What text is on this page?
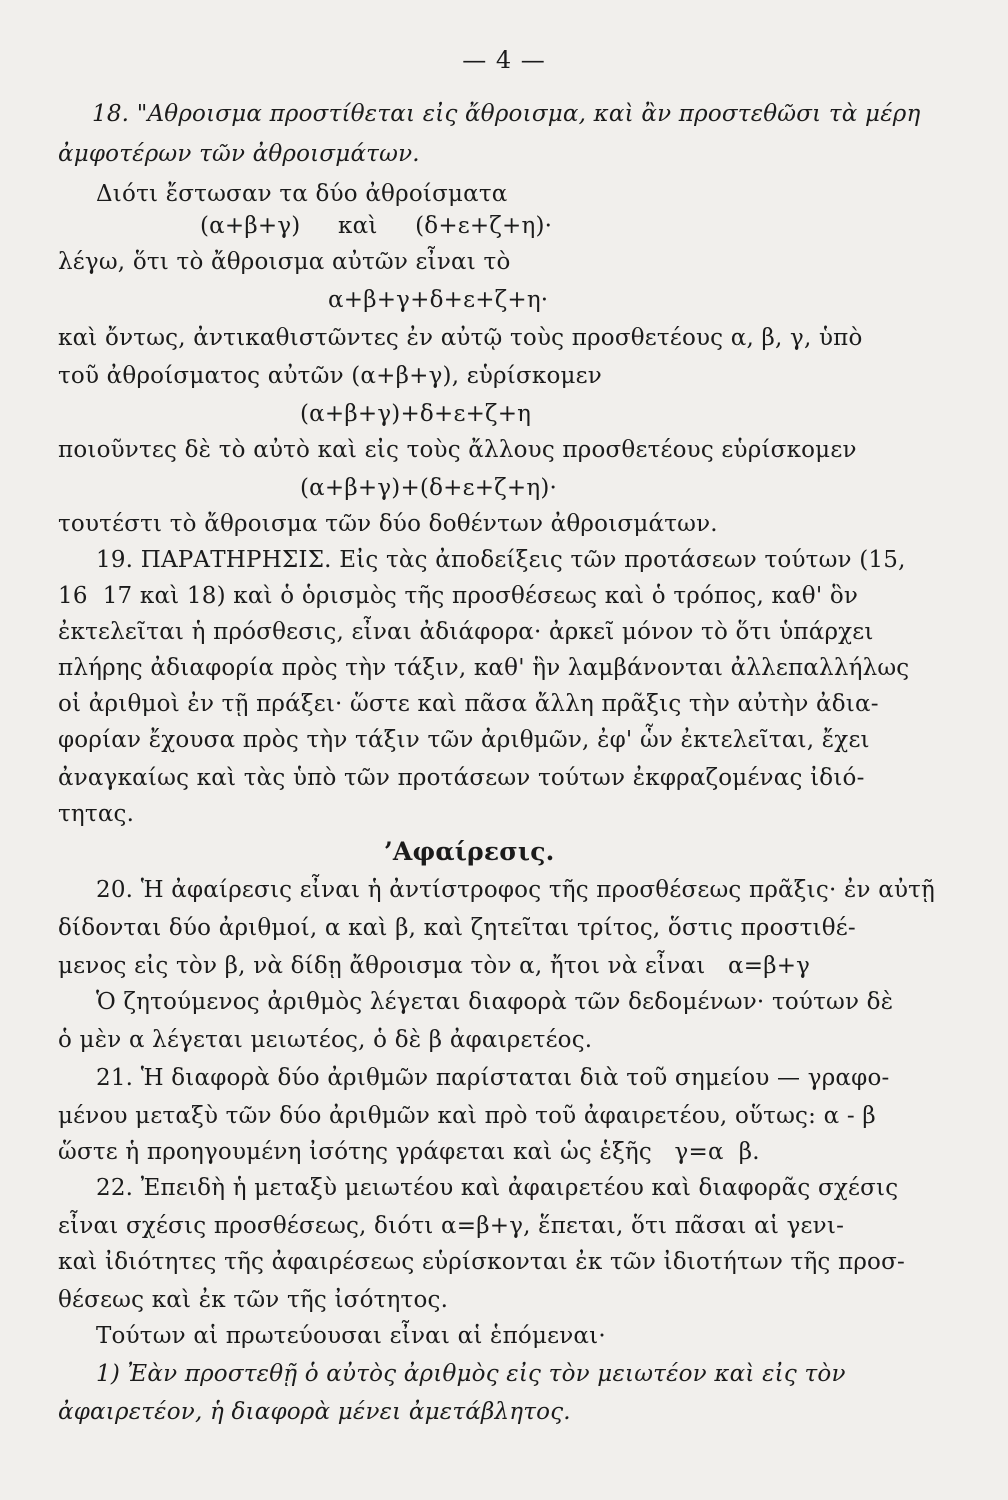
— 4 —
18. "Αθροισμα προστίθεται εἰς ἄθροισμα, καὶ ἂν προστεθῶσι τὰ μέρη
ἀμφοτέρων τῶν ἀθροισμάτων.
Διότι ἔστωσαν τα δύο ἀθροίσματα
(α+β+γ)     καὶ     (δ+ε+ζ+η)·
λέγω, ὅτι τὸ ἄθροισμα αὐτῶν εἶναι τὸ
α+β+γ+δ+ε+ζ+η·
καὶ ὄντως, ἀντικαθιστῶντες ἐν αὐτῷ τοὺς προσθετέους α, β, γ, ὑπὸ
τοῦ ἀθροίσματος αὐτῶν (α+β+γ), εὑρίσκομεν
(α+β+γ)+δ+ε+ζ+η
ποιοῦντες δὲ τὸ αὐτὸ καὶ εἰς τοὺς ἄλλους προσθετέους εὑρίσκομεν
(α+β+γ)+(δ+ε+ζ+η)·
τουτέστι τὸ ἄθροισμα τῶν δύο δοθέντων ἀθροισμάτων.
19. ΠΑΡΑΤΗΡΗΣΙΣ. Εἰς τὰς ἀποδείξεις τῶν προτάσεων τούτων (15,
16  17 καὶ 18) καὶ ὁ ὁρισμὸς τῆς προσθέσεως καὶ ὁ τρόπος, καθ' ὃν
ἐκτελεῖται ἡ πρόσθεσις, εἶναι ἀδιάφορα· ἀρκεῖ μόνον τὸ ὅτι ὑπάρχει
πλήρης ἀδιαφορία πρὸς τὴν τάξιν, καθ' ἣν λαμβάνονται ἀλλεπαλλήλως
οἱ ἀριθμοὶ ἐν τῇ πράξει· ὥστε καὶ πᾶσα ἄλλη πρᾶξις τὴν αὐτὴν ἀδια-
φορίαν ἔχουσα πρὸς τὴν τάξιν τῶν ἀριθμῶν, ἐφ' ὧν ἐκτελεῖται, ἔχει
ἀναγκαίως καὶ τὰς ὑπὸ τῶν προτάσεων τούτων ἐκφραζομένας ἰδιό-
τητας.
’Αφαίρεσις.
20. Ἡ ἀφαίρεσις εἶναι ἡ ἀντίστροφος τῆς προσθέσεως πρᾶξις· ἐν αὐτῇ
δίδονται δύο ἀριθμοί, α καὶ β, καὶ ζητεῖται τρίτος, ὅστις προστιθέ-
μενος εἰς τὸν β, νὰ δίδῃ ἄθροισμα τὸν α, ἤτοι νὰ εἶναι   α=β+γ
Ὁ ζητούμενος ἀριθμὸς λέγεται διαφορὰ τῶν δεδομένων· τούτων δὲ
ὁ μὲν α λέγεται μειωτέος, ὁ δὲ β ἀφαιρετέος.
21. Ἡ διαφορὰ δύο ἀριθμῶν παρίσταται διὰ τοῦ σημείου — γραφο-
μένου μεταξὺ τῶν δύο ἀριθμῶν καὶ πρὸ τοῦ ἀφαιρετέου, οὕτως: α - β
ὥστε ἡ προηγουμένη ἰσότης γράφεται καὶ ὡς ἑξῆς   γ=α  β.
22. Ἐπειδὴ ἡ μεταξὺ μειωτέου καὶ ἀφαιρετέου καὶ διαφορᾶς σχέσις
εἶναι σχέσις προσθέσεως, διότι α=β+γ, ἕπεται, ὅτι πᾶσαι αἱ γενι-
καὶ ἰδιότητες τῆς ἀφαιρέσεως εὑρίσκονται ἐκ τῶν ἰδιοτήτων τῆς προσ-
θέσεως καὶ ἐκ τῶν τῆς ἰσότητος.
Τούτων αἱ πρωτεύουσαι εἶναι αἱ ἑπόμεναι·
1) Ἐὰν προστεθῇ ὁ αὐτὸς ἀριθμὸς εἰς τὸν μειωτέον καὶ εἰς τὸν
ἀφαιρετέον, ἡ διαφορὰ μένει ἀμετάβλητος.
